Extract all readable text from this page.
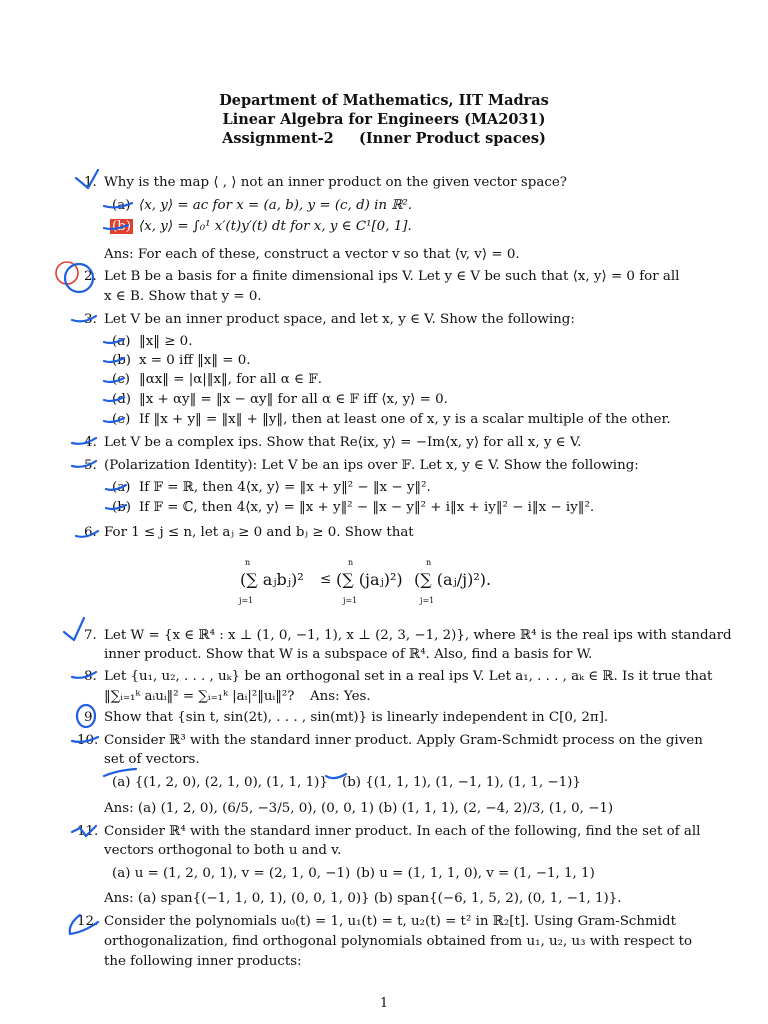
Department of Mathematics, IIT Madras
Linear Algebra for Engineers (MA2031)
Assignment-2     (Inner Product spaces)
1. Why is the map ⟨ , ⟩ not an inner product on the given vector space?
(a) ⟨x, y⟩ = ac for x = (a, b), y = (c, d) in ℝ².
(b) ⟨x, y⟩ = ∫₀¹ x′(t)y′(t) dt for x, y ∈ C¹[0, 1].
Ans: For each of these, construct a vector v so that ⟨v, v⟩ = 0.
2. Let B be a basis for a finite dimensional ips V. Let y ∈ V be such that ⟨x, y⟩ = 0 for all
x ∈ B. Show that y = 0.
3. Let V be an inner product space, and let x, y ∈ V. Show the following:
(a) ‖x‖ ≥ 0.
(b) x = 0 iff ‖x‖ = 0.
(c) ‖αx‖ = |α|‖x‖, for all α ∈ 𝔽.
(d) ‖x + αy‖ = ‖x − αy‖ for all α ∈ 𝔽 iff ⟨x, y⟩ = 0.
(e) If ‖x + y‖ = ‖x‖ + ‖y‖, then at least one of x, y is a scalar multiple of the other.
4. Let V be a complex ips. Show that Re⟨ix, y⟩ = −Im⟨x, y⟩ for all x, y ∈ V.
5. (Polarization Identity): Let V be an ips over 𝔽. Let x, y ∈ V. Show the following:
(a) If 𝔽 = ℝ, then 4⟨x, y⟩ = ‖x + y‖² − ‖x − y‖².
(b) If 𝔽 = ℂ, then 4⟨x, y⟩ = ‖x + y‖² − ‖x − y‖² + i‖x + iy‖² − i‖x − iy‖².
6. For 1 ≤ j ≤ n, let aⱼ ≥ 0 and bⱼ ≥ 0. Show that
n
j=1
(∑ aⱼbⱼ)² ≤
n
j=1
(∑ (jaⱼ)²)
n
j=1
(∑ (aⱼ/j)²).
7. Let W = {x ∈ ℝ⁴ : x ⊥ (1, 0, −1, 1), x ⊥ (2, 3, −1, 2)}, where ℝ⁴ is the real ips with standard
inner product. Show that W is a subspace of ℝ⁴. Also, find a basis for W.
8. Let {u₁, u₂, . . . , uₖ} be an orthogonal set in a real ips V. Let a₁, . . . , aₖ ∈ ℝ. Is it true that
‖∑ᵢ₌₁ᵏ aᵢuᵢ‖² = ∑ᵢ₌₁ᵏ |aᵢ|²‖uᵢ‖²? Ans: Yes.
9. Show that {sin t, sin(2t), . . . , sin(mt)} is linearly independent in C[0, 2π].
10. Consider ℝ³ with the standard inner product. Apply Gram-Schmidt process on the given
set of vectors.
(a) {(1, 2, 0), (2, 1, 0), (1, 1, 1)} (b) {(1, 1, 1), (1, −1, 1), (1, 1, −1)}
Ans: (a) (1, 2, 0), (6/5, −3/5, 0), (0, 0, 1) (b) (1, 1, 1), (2, −4, 2)/3, (1, 0, −1)
11. Consider ℝ⁴ with the standard inner product. In each of the following, find the set of all
vectors orthogonal to both u and v.
(a) u = (1, 2, 0, 1), v = (2, 1, 0, −1) (b) u = (1, 1, 1, 0), v = (1, −1, 1, 1)
Ans: (a) span{(−1, 1, 0, 1), (0, 0, 1, 0)} (b) span{(−6, 1, 5, 2), (0, 1, −1, 1)}.
12. Consider the polynomials u₀(t) = 1, u₁(t) = t, u₂(t) = t² in ℝ₂[t]. Using Gram-Schmidt
orthogonalization, find orthogonal polynomials obtained from u₁, u₂, u₃ with respect to
the following inner products:
1
